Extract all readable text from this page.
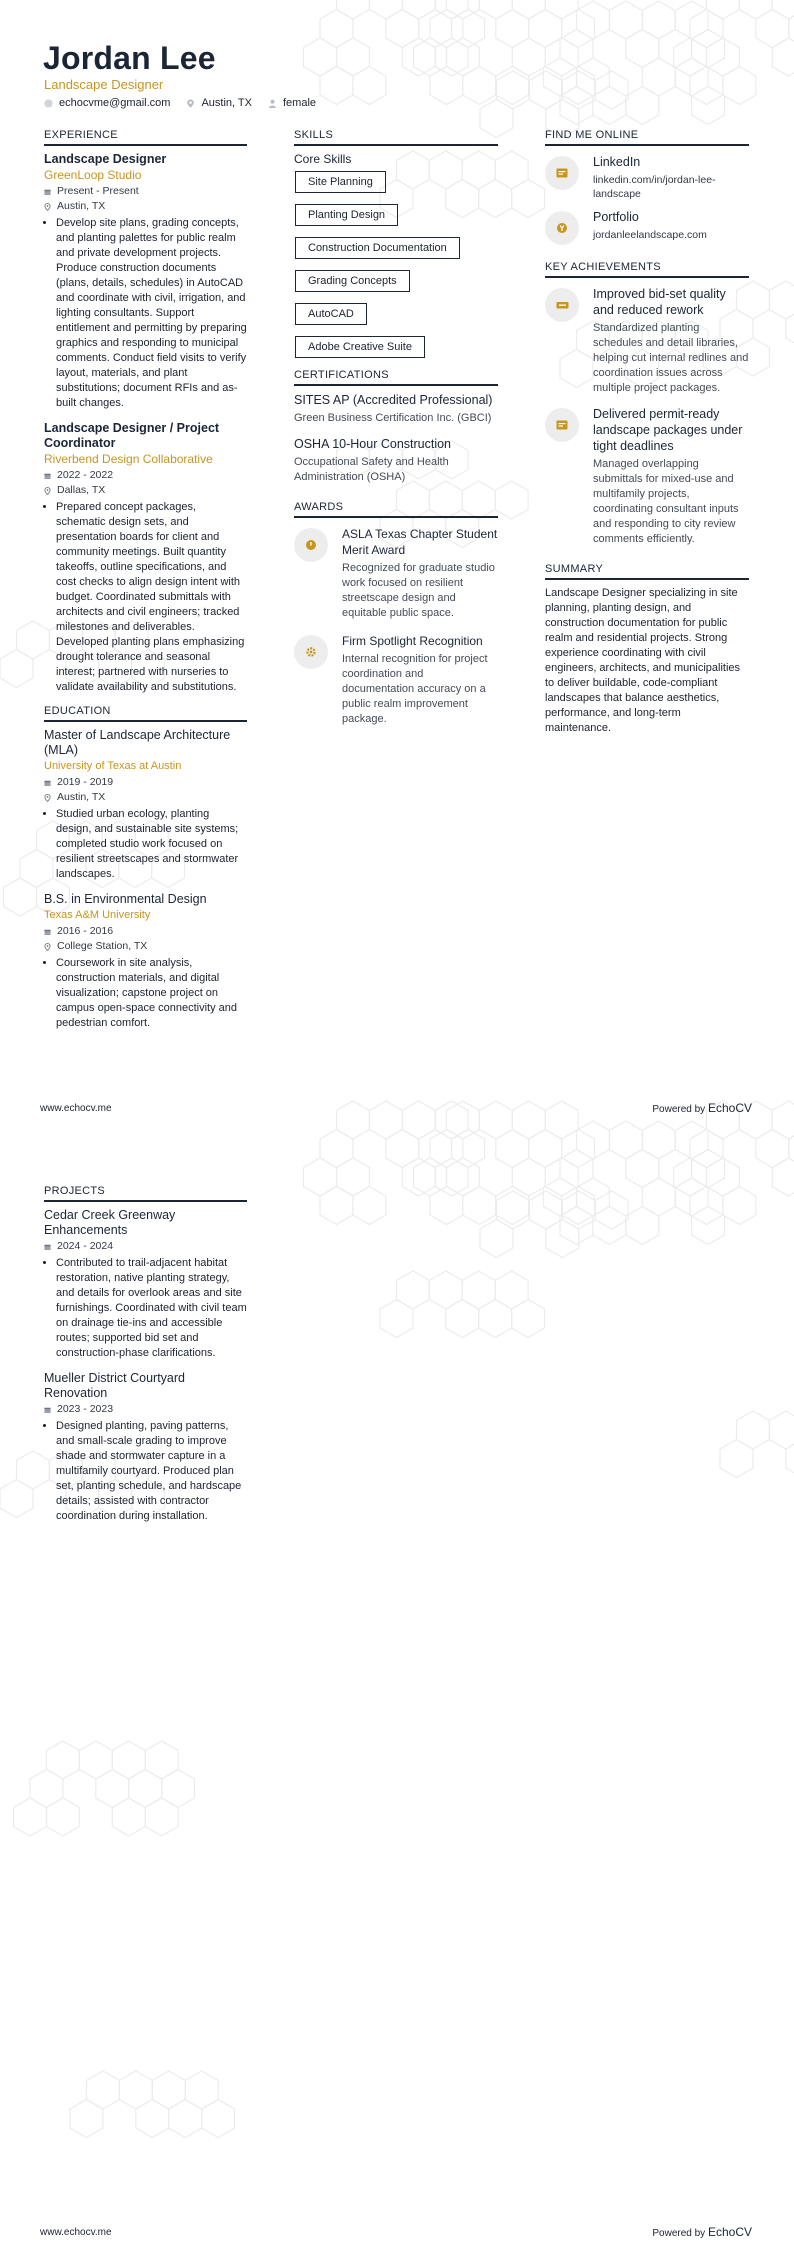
Jordan Lee
Landscape Designer
echocvme@gmail.com	Austin, TX	female
EXPERIENCE
Landscape Designer
GreenLoop Studio
Present - Present
Austin, TX
• Develop site plans, grading concepts, and planting palettes for public realm and private development projects. Produce construction documents (plans, details, schedules) in AutoCAD and coordinate with civil, irrigation, and lighting consultants. Support entitlement and permitting by preparing graphics and responding to municipal comments. Conduct field visits to verify layout, materials, and plant substitutions; document RFIs and as-built changes.
Landscape Designer / Project Coordinator
Riverbend Design Collaborative
2022 - 2022
Dallas, TX
• Prepared concept packages, schematic design sets, and presentation boards for client and community meetings. Built quantity takeoffs, outline specifications, and cost checks to align design intent with budget. Coordinated submittals with architects and civil engineers; tracked milestones and deliverables. Developed planting plans emphasizing drought tolerance and seasonal interest; partnered with nurseries to validate availability and substitutions.
EDUCATION
Master of Landscape Architecture (MLA)
University of Texas at Austin
2019 - 2019
Austin, TX
• Studied urban ecology, planting design, and sustainable site systems; completed studio work focused on resilient streetscapes and stormwater landscapes.
B.S. in Environmental Design
Texas A&M University
2016 - 2016
College Station, TX
• Coursework in site analysis, construction materials, and digital visualization; capstone project on campus open-space connectivity and pedestrian comfort.
SKILLS
Core Skills
Site Planning
Planting Design
Construction Documentation
Grading Concepts
AutoCAD
Adobe Creative Suite
CERTIFICATIONS
SITES AP (Accredited Professional)
Green Business Certification Inc. (GBCI)
OSHA 10-Hour Construction
Occupational Safety and Health Administration (OSHA)
AWARDS
ASLA Texas Chapter Student Merit Award
Recognized for graduate studio work focused on resilient streetscape design and equitable public space.
Firm Spotlight Recognition
Internal recognition for project coordination and documentation accuracy on a public realm improvement package.
FIND ME ONLINE
LinkedIn
linkedin.com/in/jordan-lee-landscape
Portfolio
jordanleelandscape.com
KEY ACHIEVEMENTS
Improved bid-set quality and reduced rework
Standardized planting schedules and detail libraries, helping cut internal redlines and coordination issues across multiple project packages.
Delivered permit-ready landscape packages under tight deadlines
Managed overlapping submittals for mixed-use and multifamily projects, coordinating consultant inputs and responding to city review comments efficiently.
SUMMARY
Landscape Designer specializing in site planning, planting design, and construction documentation for public realm and residential projects. Strong experience coordinating with civil engineers, architects, and municipalities to deliver buildable, code-compliant landscapes that balance aesthetics, performance, and long-term maintenance.
www.echocv.me	Powered by EchoCV
PROJECTS
Cedar Creek Greenway Enhancements
2024 - 2024
• Contributed to trail-adjacent habitat restoration, native planting strategy, and details for overlook areas and site furnishings. Coordinated with civil team on drainage tie-ins and accessible routes; supported bid set and construction-phase clarifications.
Mueller District Courtyard Renovation
2023 - 2023
• Designed planting, paving patterns, and small-scale grading to improve shade and stormwater capture in a multifamily courtyard. Produced plan set, planting schedule, and hardscape details; assisted with contractor coordination during installation.
www.echocv.me	Powered by EchoCV
